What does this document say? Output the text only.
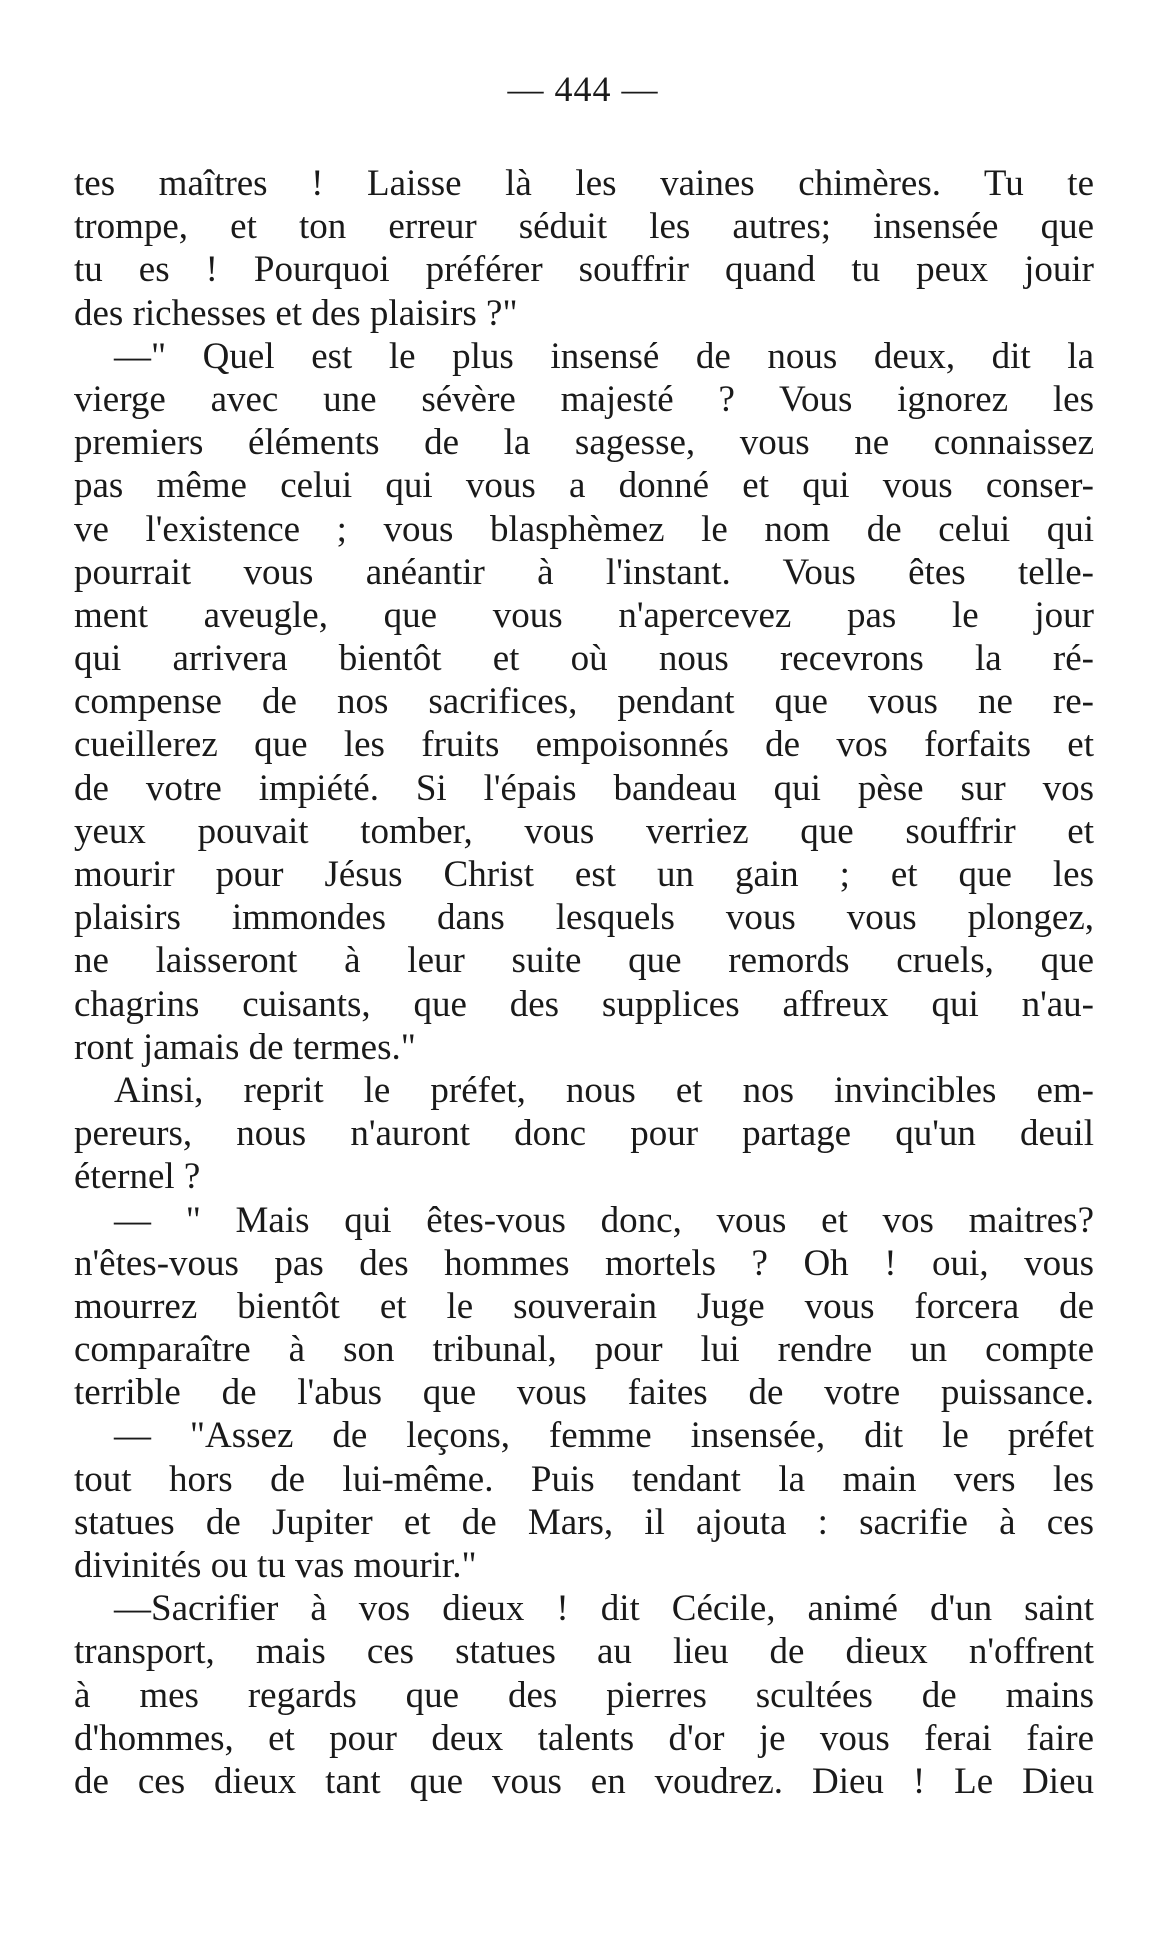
— 444 —
tes maîtres ! Laisse là les vaines chimères. Tu te
trompe, et ton erreur séduit les autres; insensée que
tu es ! Pourquoi préférer souffrir quand tu peux jouir
des richesses et des plaisirs ?"
—" Quel est le plus insensé de nous deux, dit la
vierge avec une sévère majesté ? Vous ignorez les
premiers éléments de la sagesse, vous ne connaissez
pas même celui qui vous a donné et qui vous conser-
ve l'existence ; vous blasphèmez le nom de celui qui
pourrait vous anéantir à l'instant. Vous êtes telle-
ment aveugle, que vous n'apercevez pas le jour
qui arrivera bientôt et où nous recevrons la ré-
compense de nos sacrifices, pendant que vous ne re-
cueillerez que les fruits empoisonnés de vos forfaits et
de votre impiété. Si l'épais bandeau qui pèse sur vos
yeux pouvait tomber, vous verriez que souffrir et
mourir pour Jésus Christ est un gain ; et que les
plaisirs immondes dans lesquels vous vous plongez,
ne laisseront à leur suite que remords cruels, que
chagrins cuisants, que des supplices affreux qui n'au-
ront jamais de termes."
Ainsi, reprit le préfet, nous et nos invincibles em-
pereurs, nous n'auront donc pour partage qu'un deuil
éternel ?
— " Mais qui êtes-vous donc, vous et vos maitres?
n'êtes-vous pas des hommes mortels ? Oh ! oui, vous
mourrez bientôt et le souverain Juge vous forcera de
comparaître à son tribunal, pour lui rendre un compte
terrible de l'abus que vous faites de votre puissance.
— "Assez de leçons, femme insensée, dit le préfet
tout hors de lui-même. Puis tendant la main vers les
statues de Jupiter et de Mars, il ajouta : sacrifie à ces
divinités ou tu vas mourir."
—Sacrifier à vos dieux ! dit Cécile, animé d'un saint
transport, mais ces statues au lieu de dieux n'offrent
à mes regards que des pierres scultées de mains
d'hommes, et pour deux talents d'or je vous ferai faire
de ces dieux tant que vous en voudrez. Dieu ! Le Dieu
